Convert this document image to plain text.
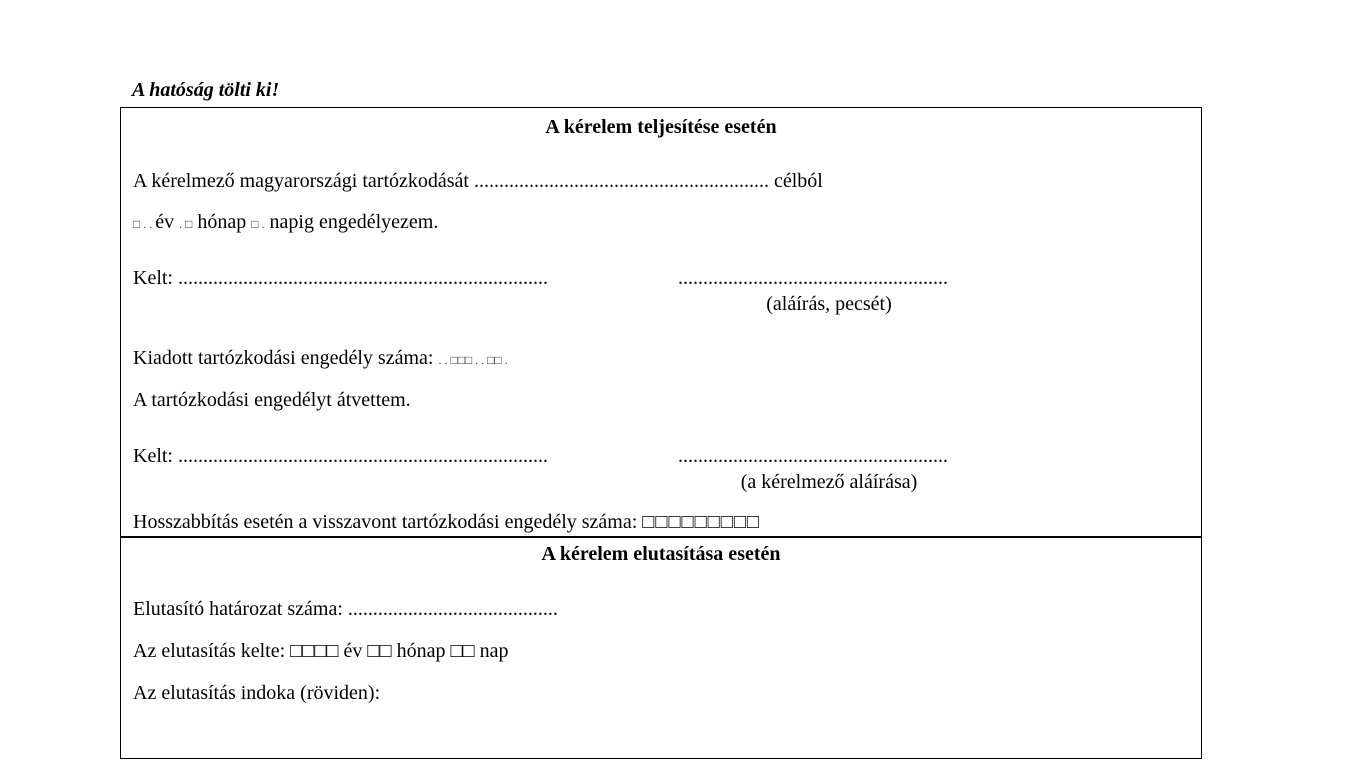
A hatóság tölti ki!
A kérelem teljesítése esetén
A kérelmező magyarországi tartózkodását ........................................................... célból
□ . . év . □ hónap □ . napig engedélyezem.
Kelt: ..........................................................................	......................................................
(aláírás, pecsét)
Kiadott tartózkodási engedély száma: . . □□□ . . □□ .
A tartózkodási engedélyt átvettem.
Kelt: ..........................................................................	......................................................
(a kérelmező aláírása)
Hosszabbítás esetén a visszavont tartózkodási engedély száma: □□□□□□□□□
A kérelem elutasítása esetén
Elutasító határozat száma: ..........................................
Az elutasítás kelte: □□□□ év □□ hónap □□ nap
Az elutasítás indoka (röviden):
